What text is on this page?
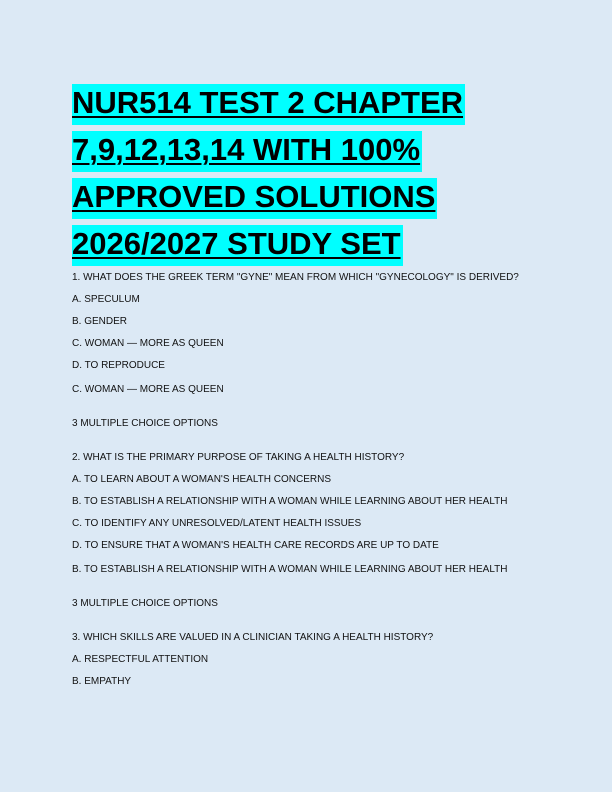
NUR514 TEST 2 CHAPTER
7,9,12,13,14 WITH 100%
APPROVED SOLUTIONS
2026/2027 STUDY SET
1. WHAT DOES THE GREEK TERM "GYNE" MEAN FROM WHICH "GYNECOLOGY" IS DERIVED?
A. SPECULUM
B. GENDER
C. WOMAN — MORE AS QUEEN
D. TO REPRODUCE
C. WOMAN — MORE AS QUEEN
3 MULTIPLE CHOICE OPTIONS
2. WHAT IS THE PRIMARY PURPOSE OF TAKING A HEALTH HISTORY?
A. TO LEARN ABOUT A WOMAN'S HEALTH CONCERNS
B. TO ESTABLISH A RELATIONSHIP WITH A WOMAN WHILE LEARNING ABOUT HER HEALTH
C. TO IDENTIFY ANY UNRESOLVED/LATENT HEALTH ISSUES
D. TO ENSURE THAT A WOMAN'S HEALTH CARE RECORDS ARE UP TO DATE
B. TO ESTABLISH A RELATIONSHIP WITH A WOMAN WHILE LEARNING ABOUT HER HEALTH
3 MULTIPLE CHOICE OPTIONS
3. WHICH SKILLS ARE VALUED IN A CLINICIAN TAKING A HEALTH HISTORY?
A. RESPECTFUL ATTENTION
B. EMPATHY
